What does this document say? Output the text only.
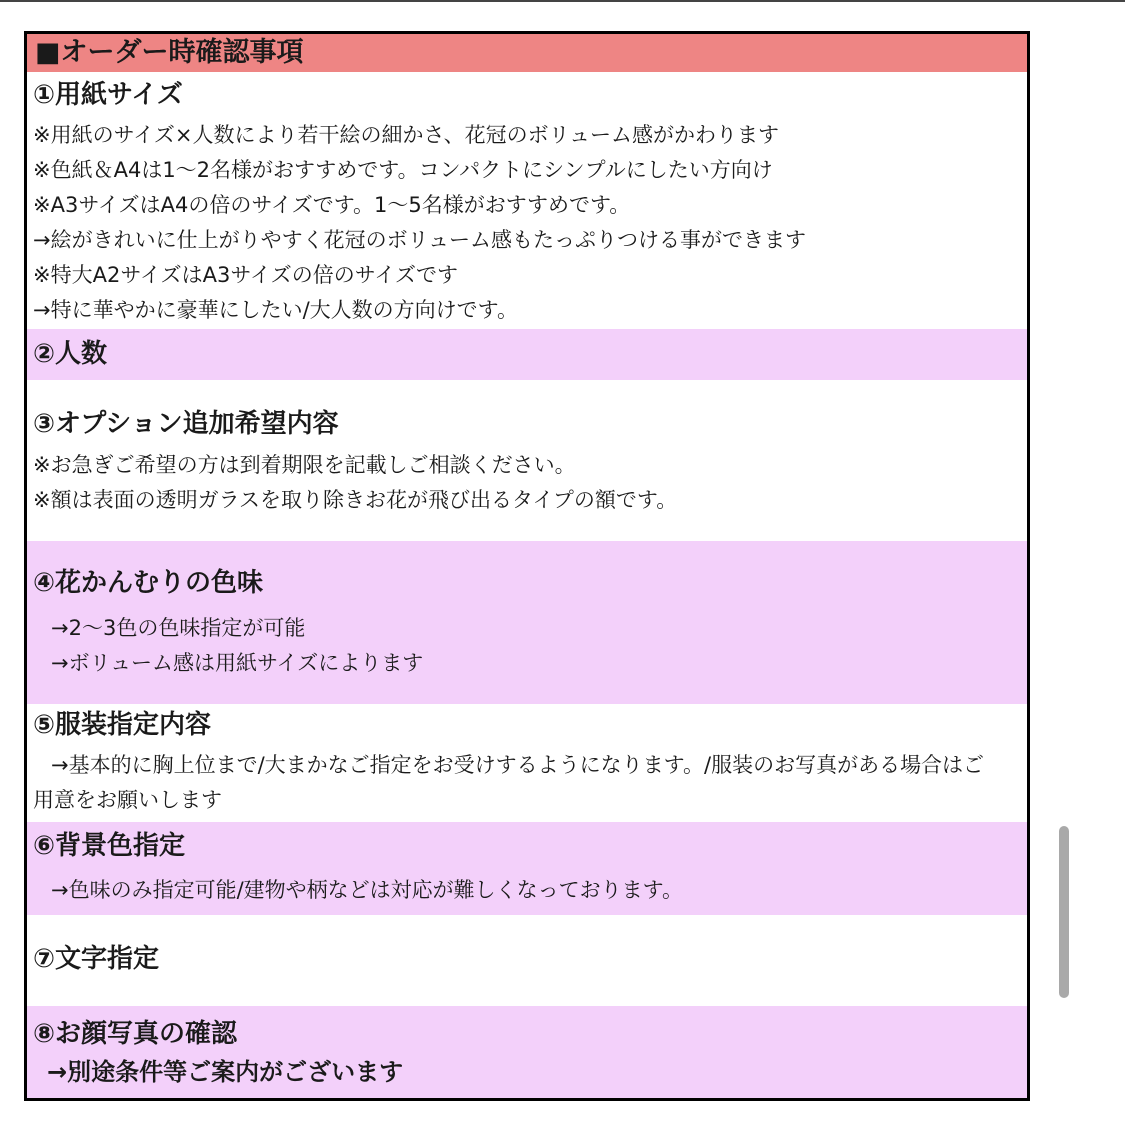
■オーダー時確認事項
①用紙サイズ
※用紙のサイズ×人数により若干絵の細かさ、花冠のボリューム感がかわります
※色紙＆A4は1～2名様がおすすめです。コンパクトにシンプルにしたい方向け
※A3サイズはA4の倍のサイズです。1～5名様がおすすめです。
→絵がきれいに仕上がりやすく花冠のボリューム感もたっぷりつける事ができます
※特大A2サイズはA3サイズの倍のサイズです
→特に華やかに豪華にしたい/大人数の方向けです。
②人数
③オプション追加希望内容
※お急ぎご希望の方は到着期限を記載しご相談ください。
※額は表面の透明ガラスを取り除きお花が飛び出るタイプの額です。
④花かんむりの色味
→2～3色の色味指定が可能
→ボリューム感は用紙サイズによります
⑤服装指定内容
→基本的に胸上位まで/大まかなご指定をお受けするようになります。/服装のお写真がある場合はご
用意をお願いします
⑥背景色指定
→色味のみ指定可能/建物や柄などは対応が難しくなっております。
⑦文字指定
⑧お顔写真の確認
→別途条件等ご案内がございます
